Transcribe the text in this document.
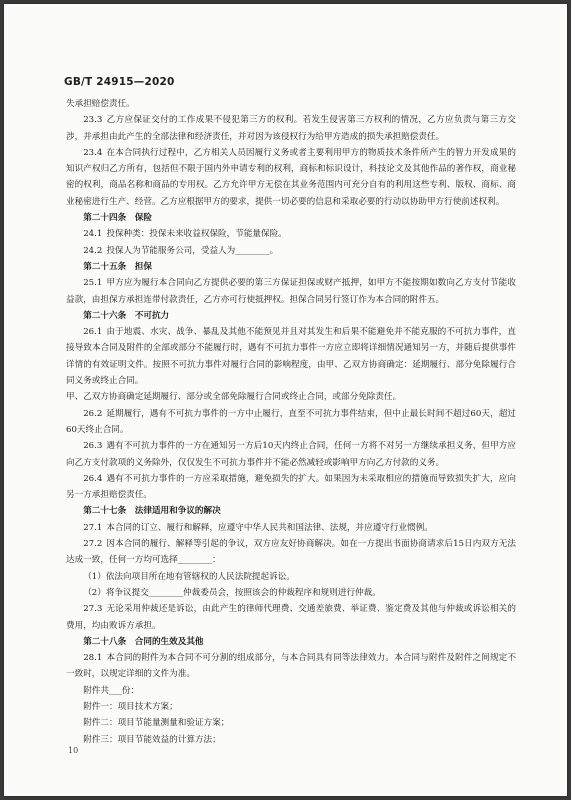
GB/T 24915—2020

失承担赔偿责任。

23.3 乙方应保证交付的工作成果不侵犯第三方的权利。若发生侵害第三方权利的情况，乙方应负责与第三方交涉，并承担由此产生的全部法律和经济责任，并对因为该侵权行为给甲方造成的损失承担赔偿责任。

23.4 在本合同执行过程中，乙方相关人员因履行义务或者主要利用甲方的物质技术条件所产生的智力开发成果的知识产权归乙方所有，包括但不限于国内外申请专利的权利，商标和标识设计，科技论文及其他作品的著作权，商业秘密的权利，商品名称和商品的专用权。乙方允许甲方无偿在其业务范围内可充分自有的利用这些专利、版权、商标、商业秘密进行生产、经营。乙方应根据甲方的要求，提供一切必要的信息和采取必要的行动以协助甲方行使前述权利。

第二十四条　保险

24.1 投保种类：投保未来收益权保险，节能量保险。

24.2 投保人为节能服务公司，受益人为________。

第二十五条　担保

25.1 甲方应为履行本合同向乙方提供必要的第三方保证担保或财产抵押，如甲方不能按期如数向乙方支付节能收益款，由担保方承担连带付款责任，乙方亦可行使抵押权。担保合同另行签订作为本合同的附件五。

第二十六条　不可抗力

26.1 由于地震、水灾、战争、暴乱及其他不能预见并且对其发生和后果不能避免并不能克服的不可抗力事件，直接导致本合同及附件的全部或部分不能履行时，遇有不可抗力事件一方应立即将详细情况通知另一方，并随后提供事件详情的有效证明文件。按照不可抗力事件对履行合同的影响程度，由甲、乙双方协商确定：延期履行、部分免除履行合同义务或终止合同。

甲、乙双方协商确定延期履行、部分或全部免除履行合同或终止合同，或部分免除责任。

26.2 延期履行，遇有不可抗力事件的一方中止履行，直至不可抗力事件结束，但中止最长时间不超过60天，超过60天终止合同。

26.3 遇有不可抗力事件的一方在通知另一方后10天内终止合同，任何一方将不对另一方继续承担义务，但甲方应向乙方支付款项的义务除外，仅仅发生不可抗力事件并不能必然减轻或影响甲方向乙方付款的义务。

26.4 遇有不可抗力事件的一方应采取措施，避免损失的扩大。如果因为未采取相应的措施而导致损失扩大，应向另一方承担赔偿责任。

第二十七条　法律适用和争议的解决

27.1 本合同的订立、履行和解释，应遵守中华人民共和国法律、法规，并应遵守行业惯例。

27.2 因本合同的履行、解释等引起的争议，双方应友好协商解决。如在一方提出书面协商请求后15日内双方无法达成一致，任何一方均可选择________：

（1）依法向项目所在地有管辖权的人民法院提起诉讼。

（2）将争议提交________仲裁委员会，按照该会的仲裁程序和规则进行仲裁。

27.3 无论采用仲裁还是诉讼，由此产生的律师代理费、交通差旅费、举证费、鉴定费及其他与仲裁或诉讼相关的费用，均由败诉方承担。

第二十八条　合同的生效及其他

28.1 本合同的附件为本合同不可分割的组成部分，与本合同具有同等法律效力。本合同与附件及附件之间规定不一致时，以规定详细的文件为准。

附件共___份：

附件一：项目技术方案；

附件二：项目节能量测量和验证方案；

附件三：项目节能效益的计算方法；

10
